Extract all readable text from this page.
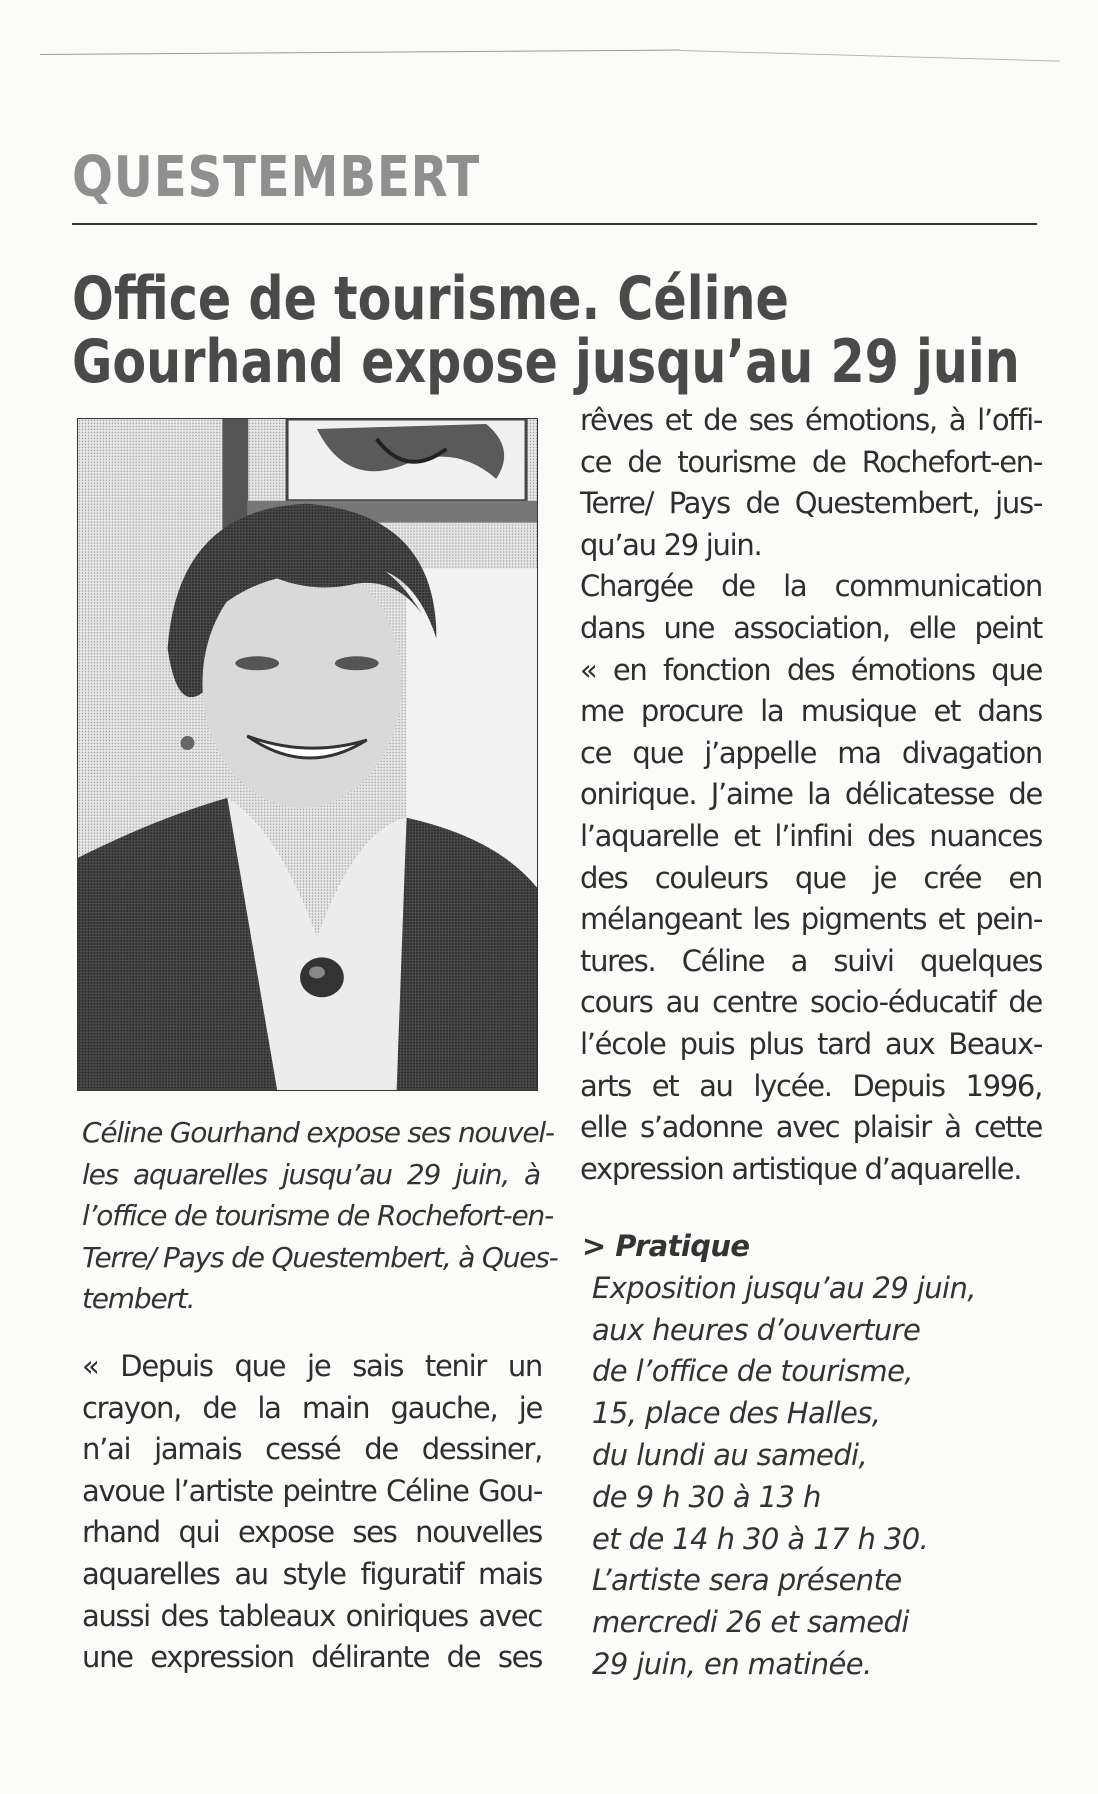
QUESTEMBERT
Office de tourisme. Céline
Gourhand expose jusqu’au 29 juin
Céline Gourhand expose ses nouvel-
les aquarelles jusqu’au 29 juin, à
l’office de tourisme de Rochefort-en-
Terre/ Pays de Questembert, à Ques-
tembert.
« Depuis que je sais tenir un
crayon, de la main gauche, je
n’ai jamais cessé de dessiner,
avoue l’artiste peintre Céline Gou-
rhand qui expose ses nouvelles
aquarelles au style figuratif mais
aussi des tableaux oniriques avec
une expression délirante de ses
rêves et de ses émotions, à l’offi-
ce de tourisme de Rochefort-en-
Terre/ Pays de Questembert, jus-
qu’au 29 juin.
Chargée de la communication
dans une association, elle peint
« en fonction des émotions que
me procure la musique et dans
ce que j’appelle ma divagation
onirique. J’aime la délicatesse de
l’aquarelle et l’infini des nuances
des couleurs que je crée en
mélangeant les pigments et pein-
tures. Céline a suivi quelques
cours au centre socio-éducatif de
l’école puis plus tard aux Beaux-
arts et au lycée. Depuis 1996,
elle s’adonne avec plaisir à cette
expression artistique d’aquarelle.
> Pratique
Exposition jusqu’au 29 juin,
aux heures d’ouverture
de l’office de tourisme,
15, place des Halles,
du lundi au samedi,
de 9 h 30 à 13 h
et de 14 h 30 à 17 h 30.
L’artiste sera présente
mercredi 26 et samedi
29 juin, en matinée.
